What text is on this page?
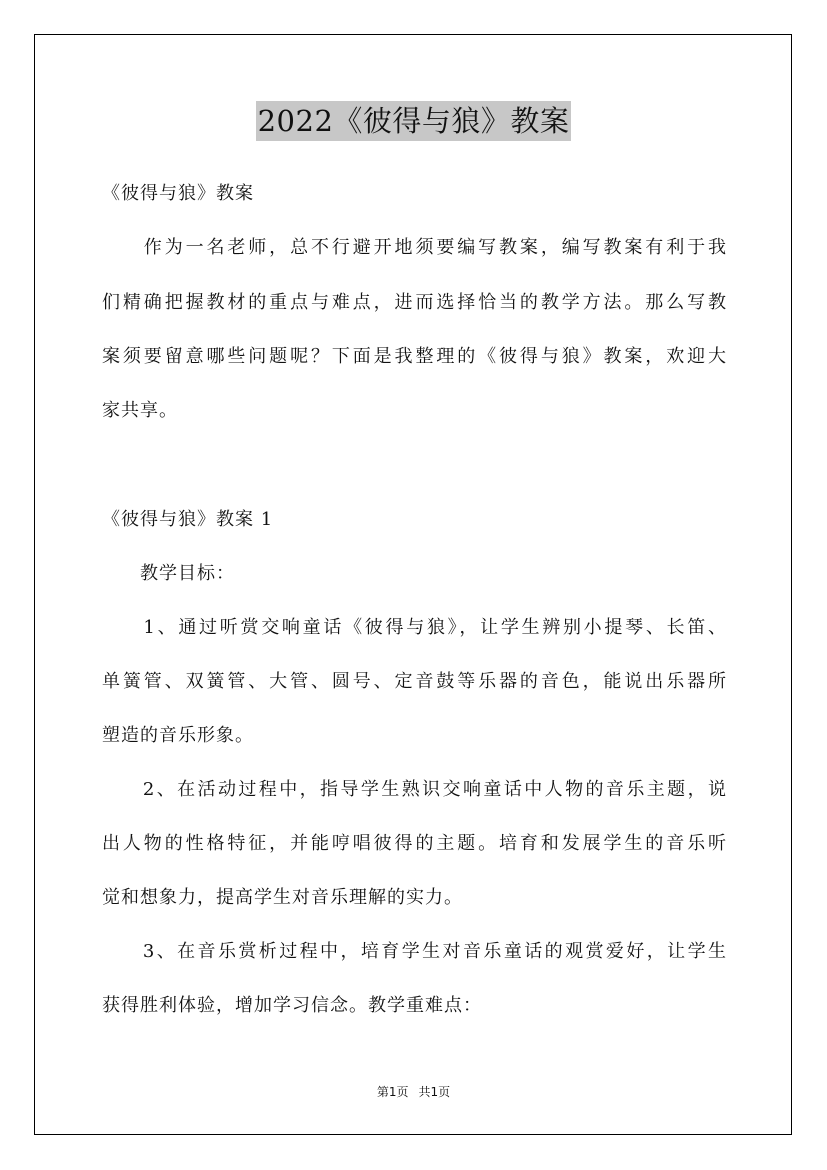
2022《彼得与狼》教案
《彼得与狼》教案
　　作为一名老师，总不行避开地须要编写教案，编写教案有利于我
们精确把握教材的重点与难点，进而选择恰当的教学方法。那么写教
案须要留意哪些问题呢？下面是我整理的《彼得与狼》教案，欢迎大
家共享。
《彼得与狼》教案 1
　　教学目标：
　　1、通过听赏交响童话《彼得与狼》，让学生辨别小提琴、长笛、
单簧管、双簧管、大管、圆号、定音鼓等乐器的音色，能说出乐器所
塑造的音乐形象。
　　2、在活动过程中，指导学生熟识交响童话中人物的音乐主题，说
出人物的性格特征，并能哼唱彼得的主题。培育和发展学生的音乐听
觉和想象力，提高学生对音乐理解的实力。
　　3、在音乐赏析过程中，培育学生对音乐童话的观赏爱好，让学生
获得胜利体验，增加学习信念。教学重难点：
第1页 共1页
